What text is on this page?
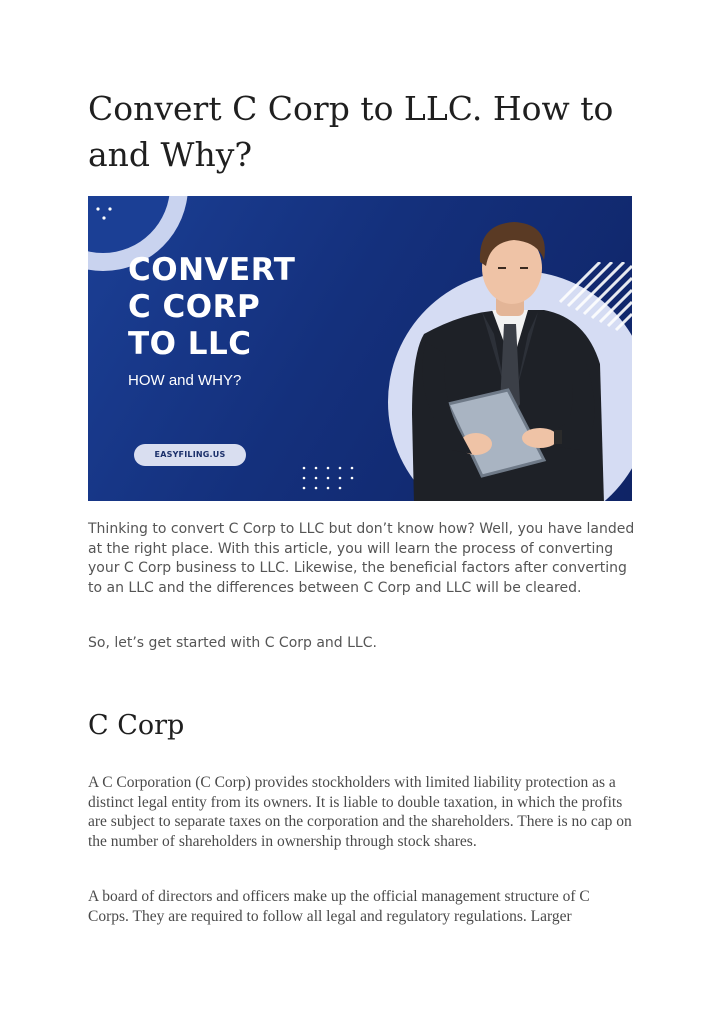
Convert C Corp to LLC. How to and Why?
CONVERT
C CORP
TO LLC
HOW and WHY?
EASYFILING.US

Thinking to convert C Corp to LLC but don’t know how? Well, you have landed at the right place. With this article, you will learn the process of converting your C Corp business to LLC. Likewise, the beneficial factors after converting to an LLC and the differences between C Corp and LLC will be cleared.

So, let’s get started with C Corp and LLC.

C Corp

A C Corporation (C Corp) provides stockholders with limited liability protection as a distinct legal entity from its owners. It is liable to double taxation, in which the profits are subject to separate taxes on the corporation and the shareholders. There is no cap on the number of shareholders in ownership through stock shares.

A board of directors and officers make up the official management structure of C Corps. They are required to follow all legal and regulatory regulations. Larger
